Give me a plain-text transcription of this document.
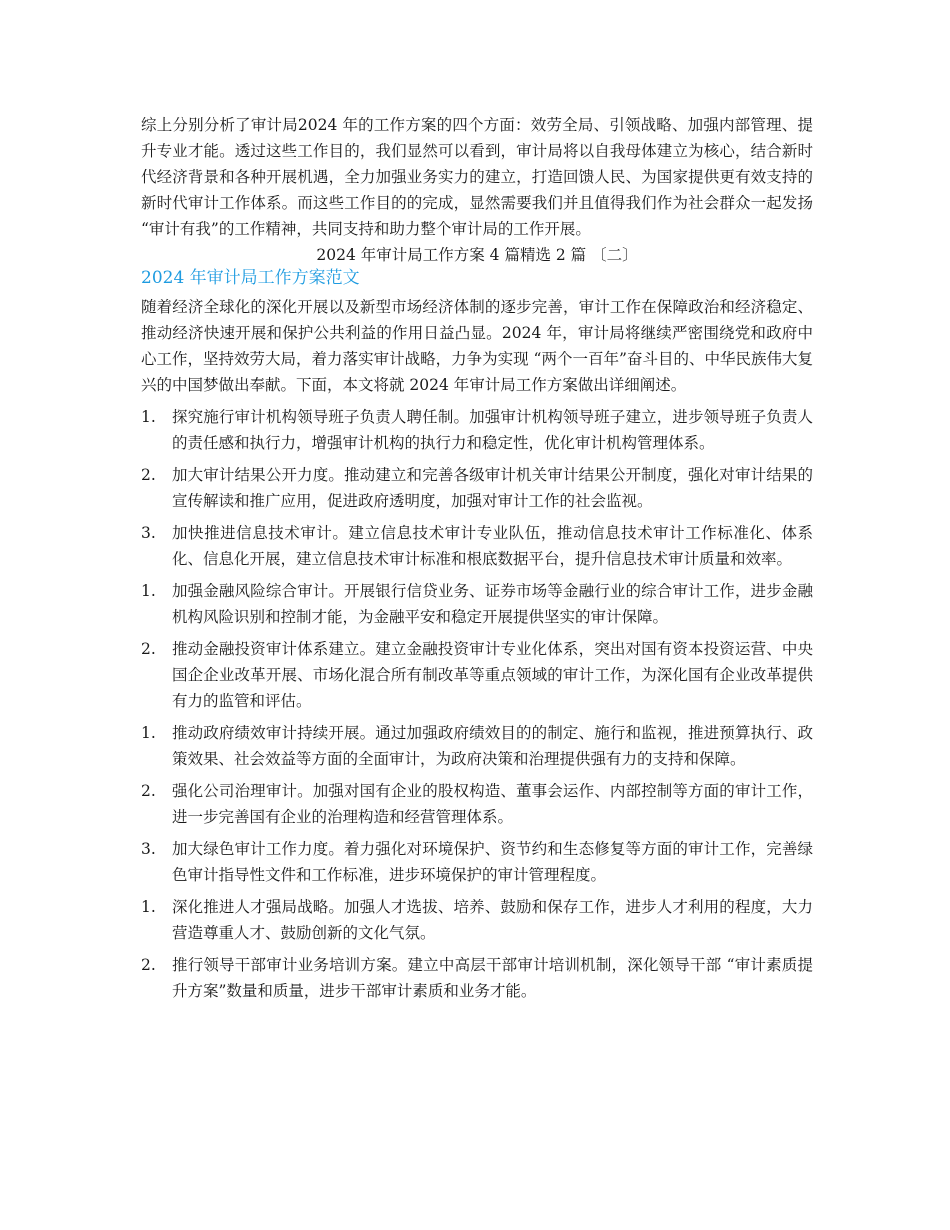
综上分别分析了审计局2024 年的工作方案的四个方面：效劳全局、引领战略、加强内部管理、提升专业才能。透过这些工作目的，我们显然可以看到，审计局将以自我母体建立为核心，结合新时代经济背景和各种开展机遇，全力加强业务实力的建立，打造回馈人民、为国家提供更有效支持的新时代审计工作体系。而这些工作目的的完成，显然需要我们并且值得我们作为社会群众一起发扬 “审计有我”的工作精神，共同支持和助力整个审计局的工作开展。

2024 年审计局工作方案 4 篇精选 2 篇 〔二〕
2024 年审计局工作方案范文

随着经济全球化的深化开展以及新型市场经济体制的逐步完善，审计工作在保障政治和经济稳定、推动经济快速开展和保护公共利益的作用日益凸显。2024 年，审计局将继续严密围绕党和政府中心工作，坚持效劳大局，着力落实审计战略，力争为实现 “两个一百年”奋斗目的、中华民族伟大复兴的中国梦做出奉献。下面，本文将就 2024 年审计局工作方案做出详细阐述。

1. 探究施行审计机构领导班子负责人聘任制。加强审计机构领导班子建立，进步领导班子负责人的责任感和执行力，增强审计机构的执行力和稳定性，优化审计机构管理体系。
2. 加大审计结果公开力度。推动建立和完善各级审计机关审计结果公开制度，强化对审计结果的宣传解读和推广应用，促进政府透明度，加强对审计工作的社会监视。
3. 加快推进信息技术审计。建立信息技术审计专业队伍，推动信息技术审计工作标准化、体系化、信息化开展，建立信息技术审计标准和根底数据平台，提升信息技术审计质量和效率。
1. 加强金融风险综合审计。开展银行信贷业务、证券市场等金融行业的综合审计工作，进步金融机构风险识别和控制才能，为金融平安和稳定开展提供坚实的审计保障。
2. 推动金融投资审计体系建立。建立金融投资审计专业化体系，突出对国有资本投资运营、中央国企企业改革开展、市场化混合所有制改革等重点领域的审计工作，为深化国有企业改革提供有力的监管和评估。
1. 推动政府绩效审计持续开展。通过加强政府绩效目的的制定、施行和监视，推进预算执行、政策效果、社会效益等方面的全面审计，为政府决策和治理提供强有力的支持和保障。
2. 强化公司治理审计。加强对国有企业的股权构造、董事会运作、内部控制等方面的审计工作，进一步完善国有企业的治理构造和经营管理体系。
3. 加大绿色审计工作力度。着力强化对环境保护、资节约和生态修复等方面的审计工作，完善绿色审计指导性文件和工作标准，进步环境保护的审计管理程度。
1. 深化推进人才强局战略。加强人才选拔、培养、鼓励和保存工作，进步人才利用的程度，大力营造尊重人才、鼓励创新的文化气氛。
2. 推行领导干部审计业务培训方案。建立中高层干部审计培训机制，深化领导干部 “审计素质提升方案”数量和质量，进步干部审计素质和业务才能。
